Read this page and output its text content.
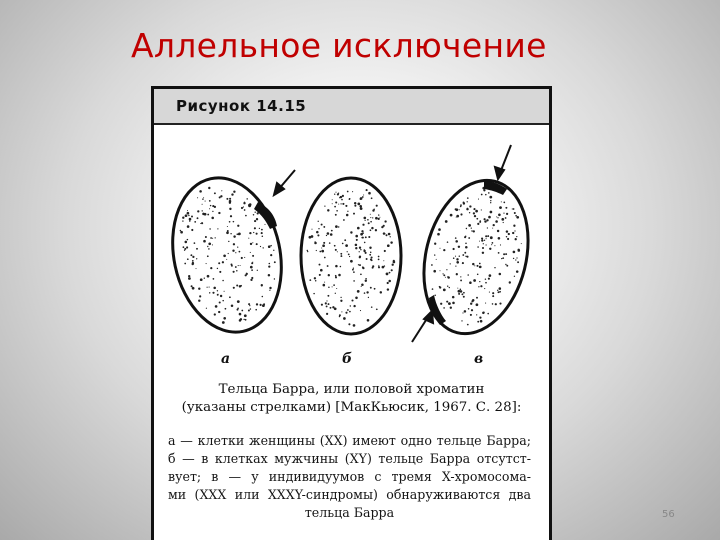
Аллельное исключение
Рисунок 14.15
а	б	в
Тельца Барра, или половой хроматин
(указаны стрелками) [МакКьюсик, 1967. С. 28]:
а — клетки женщины (XX) имеют одно тельце Барра;
б — в клетках мужчины (XY) тельце Барра отсутст-
вует; в — у индивидуумов с тремя X-хромосома-
ми (XXX или XXXY-синдромы) обнаруживаются два
тельца Барра	56
